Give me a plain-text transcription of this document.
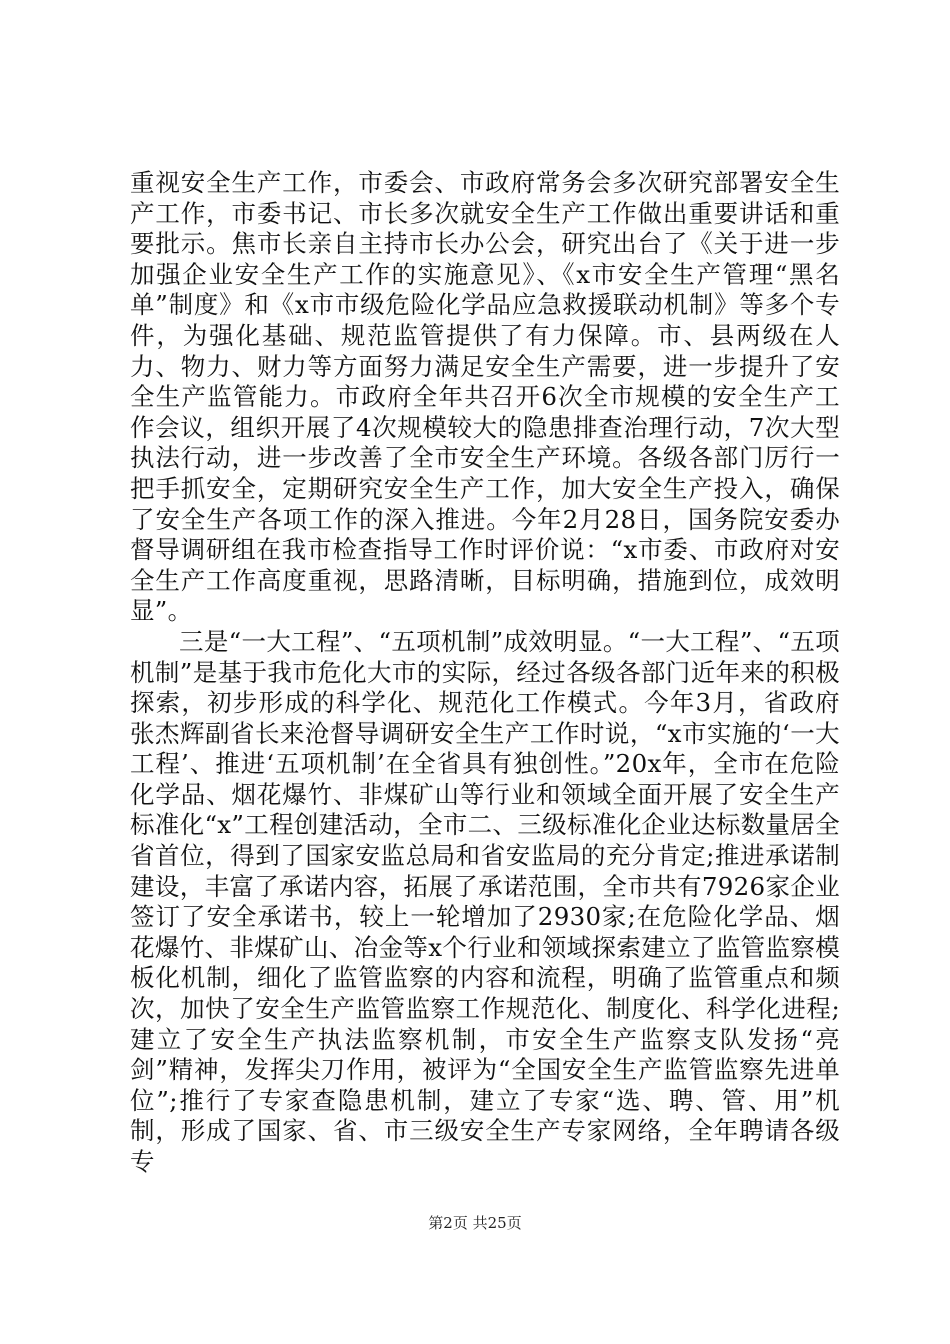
重视安全生产工作，市委会、市政府常务会多次研究部署安全生产工作，市委书记、市长多次就安全生产工作做出重要讲话和重要批示。焦市长亲自主持市长办公会，研究出台了《关于进一步加强企业安全生产工作的实施意见》、《x市安全生产管理“黑名单”制度》和《x市市级危险化学品应急救援联动机制》等多个专件，为强化基础、规范监管提供了有力保障。市、县两级在人力、物力、财力等方面努力满足安全生产需要，进一步提升了安全生产监管能力。市政府全年共召开6次全市规模的安全生产工作会议，组织开展了4次规模较大的隐患排查治理行动，7次大型执法行动，进一步改善了全市安全生产环境。各级各部门厉行一把手抓安全，定期研究安全生产工作，加大安全生产投入，确保了安全生产各项工作的深入推进。今年2月28日，国务院安委办督导调研组在我市检查指导工作时评价说：“x市委、市政府对安全生产工作高度重视，思路清晰，目标明确，措施到位，成效明显”。

三是“一大工程”、“五项机制”成效明显。“一大工程”、“五项机制”是基于我市危化大市的实际，经过各级各部门近年来的积极探索，初步形成的科学化、规范化工作模式。今年3月，省政府张杰辉副省长来沧督导调研安全生产工作时说，“x市实施的‘一大工程’、推进‘五项机制’在全省具有独创性。”20x年，全市在危险化学品、烟花爆竹、非煤矿山等行业和领域全面开展了安全生产标准化“x”工程创建活动，全市二、三级标准化企业达标数量居全省首位，得到了国家安监总局和省安监局的充分肯定;推进承诺制建设，丰富了承诺内容，拓展了承诺范围，全市共有7926家企业签订了安全承诺书，较上一轮增加了2930家;在危险化学品、烟花爆竹、非煤矿山、冶金等x个行业和领域探索建立了监管监察模板化机制，细化了监管监察的内容和流程，明确了监管重点和频次，加快了安全生产监管监察工作规范化、制度化、科学化进程;建立了安全生产执法监察机制，市安全生产监察支队发扬“亮剑”精神，发挥尖刀作用，被评为“全国安全生产监管监察先进单位”;推行了专家查隐患机制，建立了专家“选、聘、管、用”机制，形成了国家、省、市三级安全生产专家网络，全年聘请各级专

第2页 共25页
